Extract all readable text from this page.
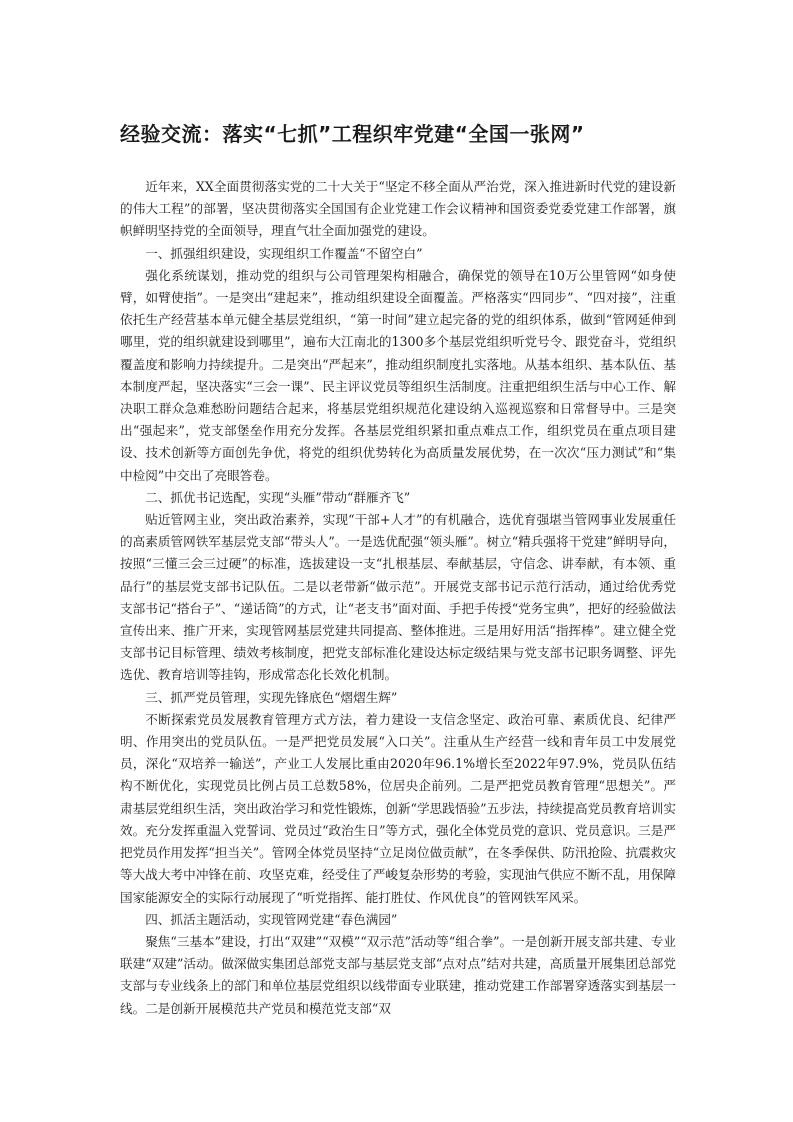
经验交流：落实“七抓”工程织牢党建“全国一张网”

近年来，XX全面贯彻落实党的二十大关于“坚定不移全面从严治党，深入推进新时代党的建设新的伟大工程”的部署，坚决贯彻落实全国国有企业党建工作会议精神和国资委党委党建工作部署，旗帜鲜明坚持党的全面领导，理直气壮全面加强党的建设。

一、抓强组织建设，实现组织工作覆盖“不留空白”

强化系统谋划，推动党的组织与公司管理架构相融合，确保党的领导在10万公里管网“如身使臂，如臂使指”。一是突出“建起来”，推动组织建设全面覆盖。严格落实“四同步”、“四对接”，注重依托生产经营基本单元健全基层党组织，“第一时间”建立起完备的党的组织体系，做到“管网延伸到哪里，党的组织就建设到哪里”，遍布大江南北的1300多个基层党组织听党号令、跟党奋斗，党组织覆盖度和影响力持续提升。二是突出“严起来”，推动组织制度扎实落地。从基本组织、基本队伍、基本制度严起，坚决落实“三会一课”、民主评议党员等组织生活制度。注重把组织生活与中心工作、解决职工群众急难愁盼问题结合起来，将基层党组织规范化建设纳入巡视巡察和日常督导中。三是突出“强起来”，党支部堡垒作用充分发挥。各基层党组织紧扣重点难点工作，组织党员在重点项目建设、技术创新等方面创先争优，将党的组织优势转化为高质量发展优势，在一次次“压力测试”和“集中检阅”中交出了亮眼答卷。

二、抓优书记选配，实现“头雁”带动“群雁齐飞”

贴近管网主业，突出政治素养，实现“干部+人才”的有机融合，选优育强堪当管网事业发展重任的高素质管网铁军基层党支部“带头人”。一是选优配强“领头雁”。树立“精兵强将干党建”鲜明导向，按照“三懂三会三过硬”的标准，选拔建设一支“扎根基层、奉献基层，守信念、讲奉献，有本领、重品行”的基层党支部书记队伍。二是以老带新“做示范”。开展党支部书记示范行活动，通过给优秀党支部书记“搭台子”、“递话筒”的方式，让“老支书”面对面、手把手传授“党务宝典”，把好的经验做法宣传出来、推广开来，实现管网基层党建共同提高、整体推进。三是用好用活“指挥棒”。建立健全党支部书记目标管理、绩效考核制度，把党支部标准化建设达标定级结果与党支部书记职务调整、评先选优、教育培训等挂钩，形成常态化长效化机制。

三、抓严党员管理，实现先锋底色“熠熠生辉”

不断探索党员发展教育管理方式方法，着力建设一支信念坚定、政治可靠、素质优良、纪律严明、作用突出的党员队伍。一是严把党员发展“入口关”。注重从生产经营一线和青年员工中发展党员，深化“双培养一输送”，产业工人发展比重由2020年96.1%增长至2022年97.9%，党员队伍结构不断优化，实现党员比例占员工总数58%，位居央企前列。二是严把党员教育管理“思想关”。严肃基层党组织生活，突出政治学习和党性锻炼，创新“学思践悟验”五步法，持续提高党员教育培训实效。充分发挥重温入党誓词、党员过“政治生日”等方式，强化全体党员党的意识、党员意识。三是严把党员作用发挥“担当关”。管网全体党员坚持“立足岗位做贡献”，在冬季保供、防汛抢险、抗震救灾等大战大考中冲锋在前、攻坚克难，经受住了严峻复杂形势的考验，实现油气供应不断不乱，用保障国家能源安全的实际行动展现了“听党指挥、能打胜仗、作风优良”的管网铁军风采。

四、抓活主题活动，实现管网党建“春色满园”

聚焦“三基本”建设，打出“双建”“双模”“双示范”活动等“组合拳”。一是创新开展支部共建、专业联建“双建”活动。做深做实集团总部党支部与基层党支部“点对点”结对共建，高质量开展集团总部党支部与专业线条上的部门和单位基层党组织以线带面专业联建，推动党建工作部署穿透落实到基层一线。二是创新开展模范共产党员和模范党支部“双
